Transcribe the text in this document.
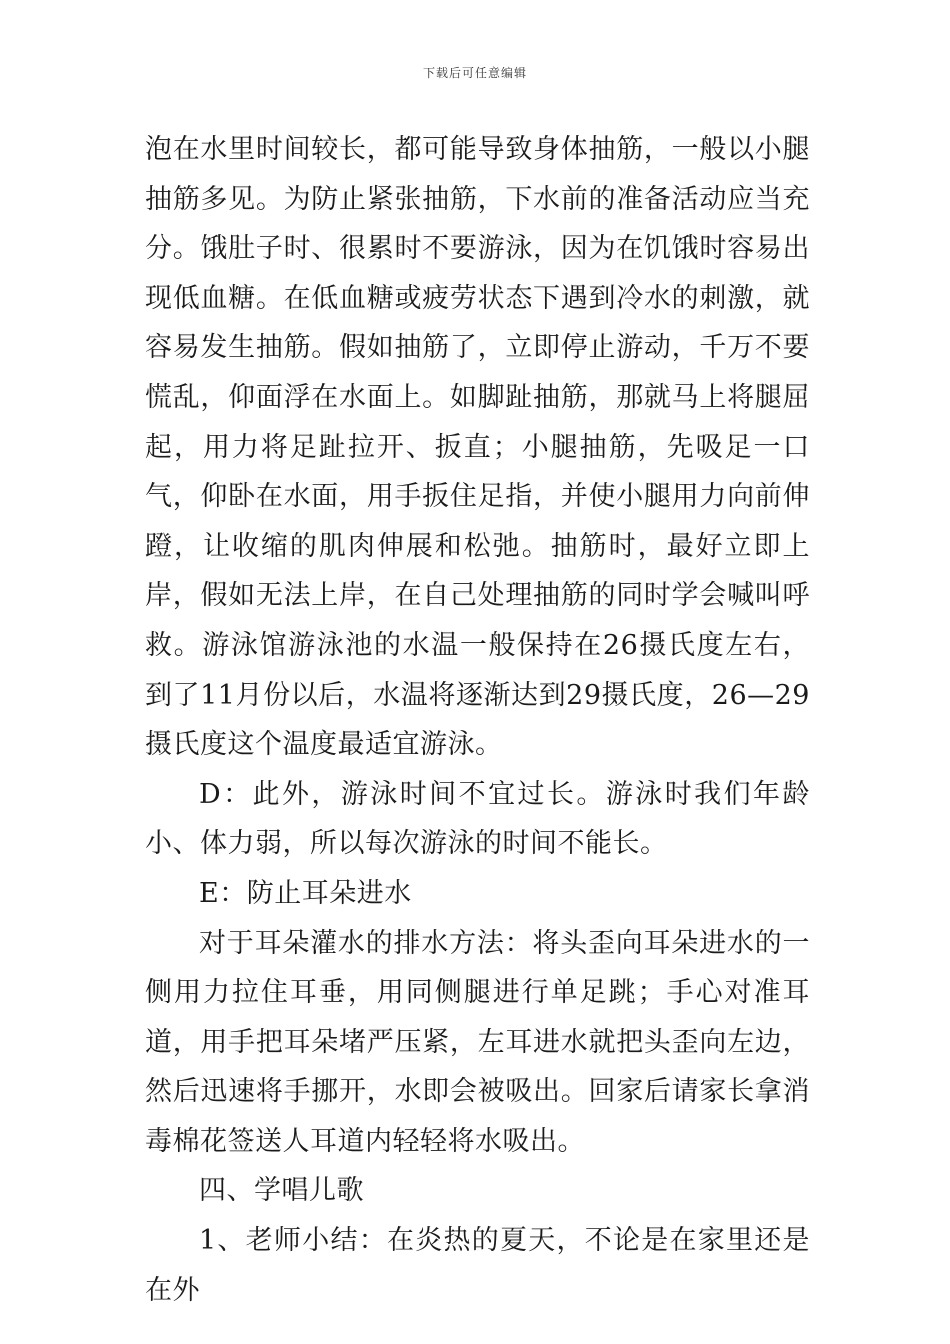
下载后可任意编辑

泡在水里时间较长，都可能导致身体抽筋，一般以小腿抽筋多见。为防止紧张抽筋，下水前的准备活动应当充分。饿肚子时、很累时不要游泳，因为在饥饿时容易出现低血糖。在低血糖或疲劳状态下遇到冷水的刺激，就容易发生抽筋。假如抽筋了，立即停止游动，千万不要慌乱，仰面浮在水面上。如脚趾抽筋，那就马上将腿屈起，用力将足趾拉开、扳直；小腿抽筋，先吸足一口气，仰卧在水面，用手扳住足指，并使小腿用力向前伸蹬，让收缩的肌肉伸展和松弛。抽筋时，最好立即上岸，假如无法上岸，在自己处理抽筋的同时学会喊叫呼救。游泳馆游泳池的水温一般保持在26摄氏度左右，到了11月份以后，水温将逐渐达到29摄氏度，26—29摄氏度这个温度最适宜游泳。

D：此外，游泳时间不宜过长。游泳时我们年龄小、体力弱，所以每次游泳的时间不能长。

E：防止耳朵进水

对于耳朵灌水的排水方法：将头歪向耳朵进水的一侧用力拉住耳垂，用同侧腿进行单足跳；手心对准耳道，用手把耳朵堵严压紧，左耳进水就把头歪向左边，然后迅速将手挪开，水即会被吸出。回家后请家长拿消毒棉花签送人耳道内轻轻将水吸出。

四、学唱儿歌

1、老师小结：在炎热的夏天，不论是在家里还是在外
